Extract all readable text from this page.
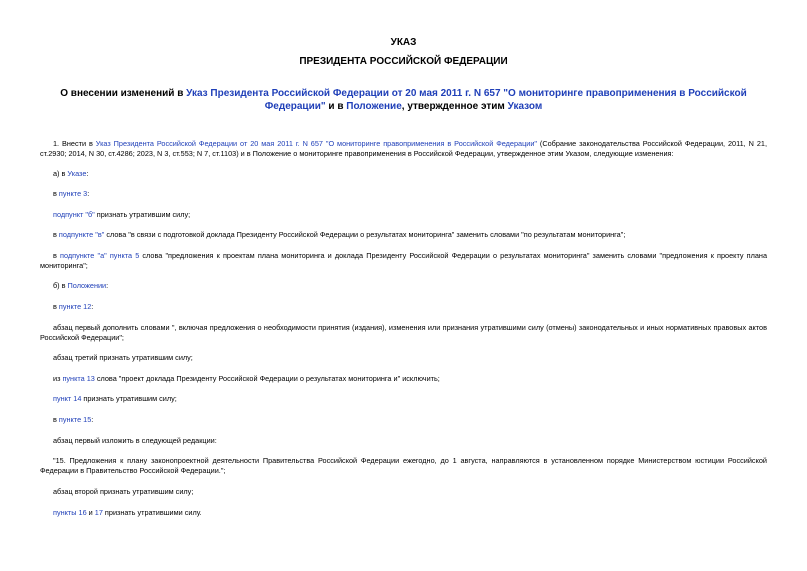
УКАЗ
ПРЕЗИДЕНТА РОССИЙСКОЙ ФЕДЕРАЦИИ
О внесении изменений в Указ Президента Российской Федерации от 20 мая 2011 г. N 657 "О мониторинге правоприменения в Российской Федерации" и в Положение, утвержденное этим Указом
1. Внести в Указ Президента Российской Федерации от 20 мая 2011 г. N 657 "О мониторинге правоприменения в Российской Федерации" (Собрание законодательства Российской Федерации, 2011, N 21, ст.2930; 2014, N 30, ст.4286; 2023, N 3, ст.553; N 7, ст.1103) и в Положение о мониторинге правоприменения в Российской Федерации, утвержденное этим Указом, следующие изменения:
а) в Указе:
в пункте 3:
подпункт "б" признать утратившим силу;
в подпункте "в" слова "в связи с подготовкой доклада Президенту Российской Федерации о результатах мониторинга" заменить словами "по результатам мониторинга";
в подпункте "а" пункта 5 слова "предложения к проектам плана мониторинга и доклада Президенту Российской Федерации о результатах мониторинга" заменить словами "предложения к проекту плана мониторинга";
б) в Положении:
в пункте 12:
абзац первый дополнить словами ", включая предложения о необходимости принятия (издания), изменения или признания утратившими силу (отмены) законодательных и иных нормативных правовых актов Российской Федерации";
абзац третий признать утратившим силу;
из пункта 13 слова "проект доклада Президенту Российской Федерации о результатах мониторинга и" исключить;
пункт 14 признать утратившим силу;
в пункте 15:
абзац первый изложить в следующей редакции:
"15. Предложения к плану законопроектной деятельности Правительства Российской Федерации ежегодно, до 1 августа, направляются в установленном порядке Министерством юстиции Российской Федерации в Правительство Российской Федерации.";
абзац второй признать утратившим силу;
пункты 16 и 17 признать утратившими силу.
